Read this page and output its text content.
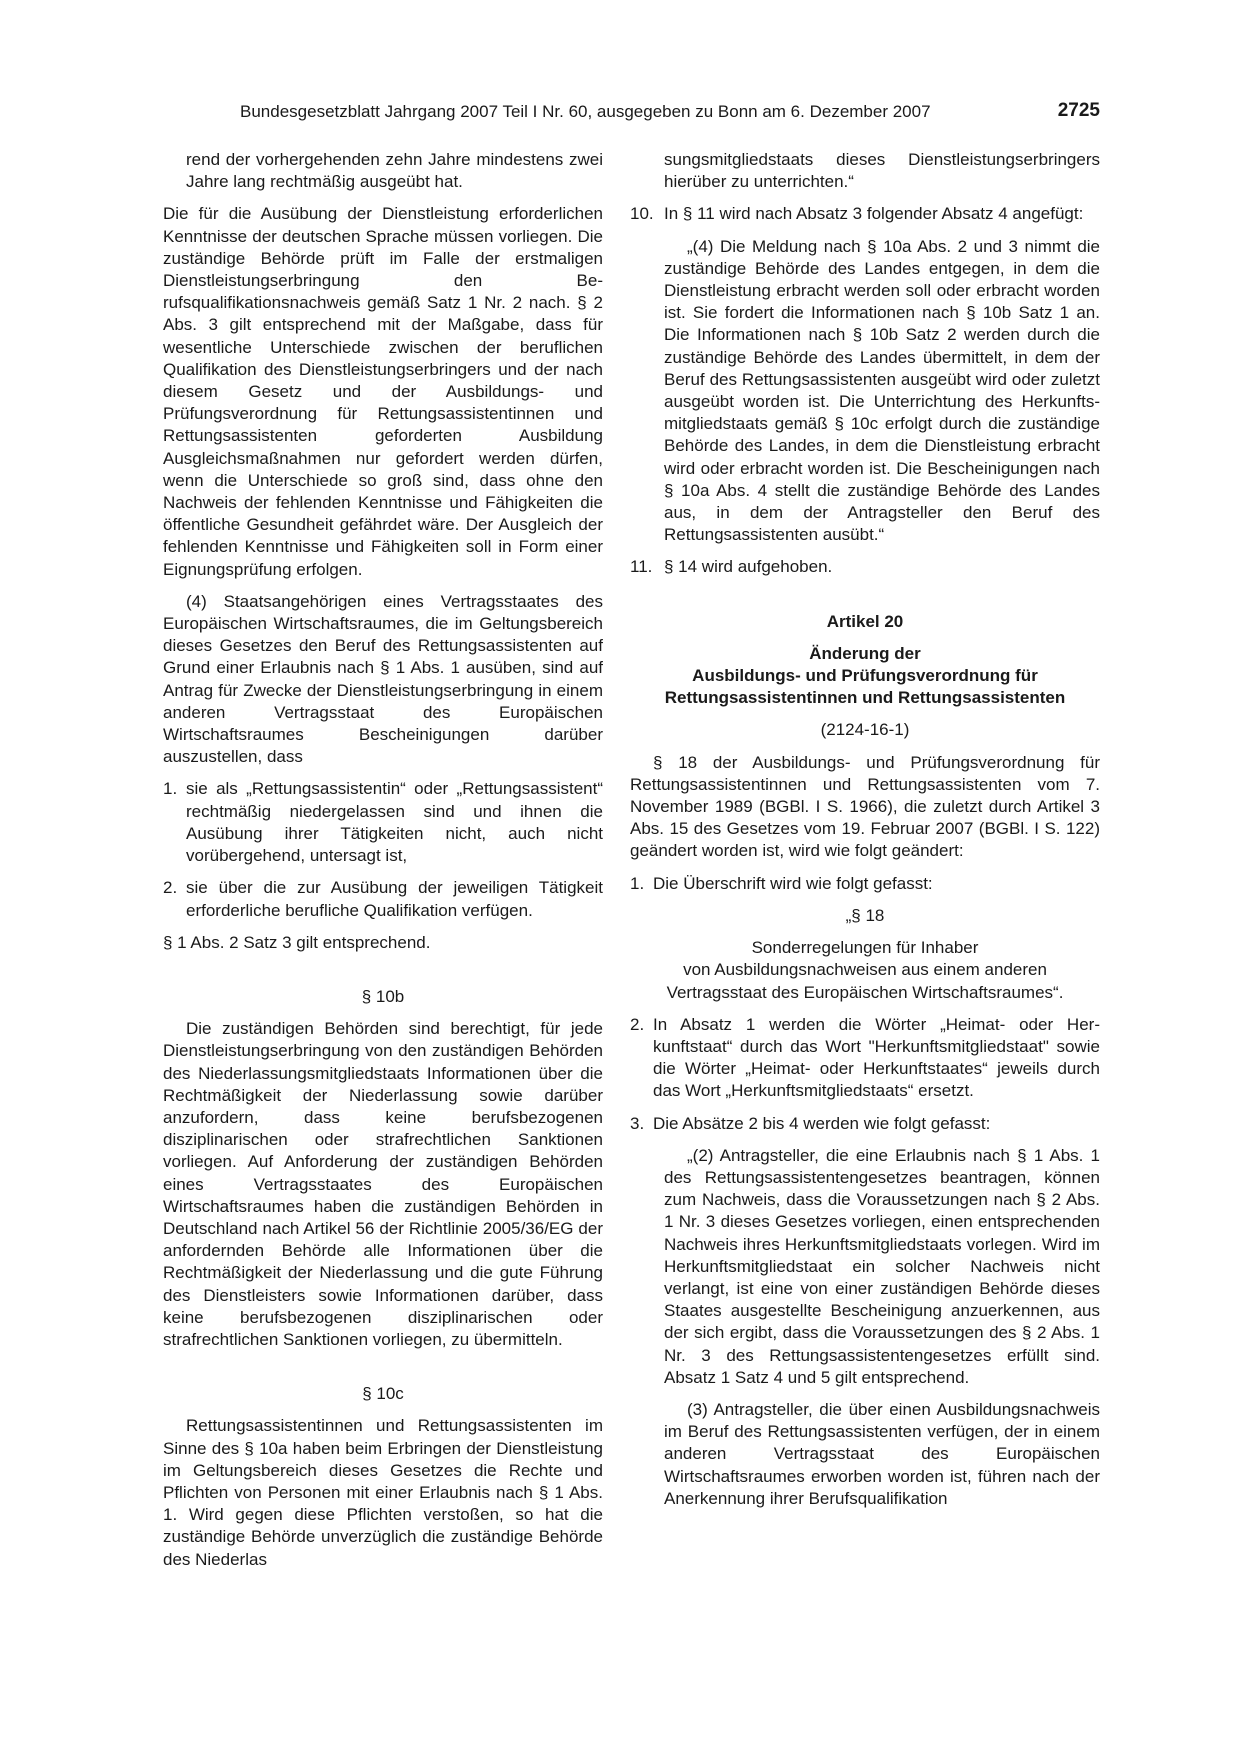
Bundesgesetzblatt Jahrgang 2007 Teil I Nr. 60, ausgegeben zu Bonn am 6. Dezember 2007	2725

rend der vorhergehenden zehn Jahre mindestens zwei Jahre lang rechtmäßig ausgeübt hat.

Die für die Ausübung der Dienstleistung erforderlichen Kenntnisse der deutschen Sprache müssen vorliegen. Die zuständige Behörde prüft im Falle der erstmaligen Dienstleistungserbringung den Berufsqualifikationsnachweis gemäß Satz 1 Nr. 2 nach. § 2 Abs. 3 gilt entsprechend mit der Maßgabe, dass für wesentliche Unterschiede zwischen der beruflichen Qualifikation des Dienstleistungserbringers und der nach diesem Gesetz und der Ausbildungs- und Prüfungsverordnung für Rettungsassistentinnen und Rettungsassistenten geforderten Ausbildung Ausgleichsmaßnahmen nur gefordert werden dürfen, wenn die Unterschiede so groß sind, dass ohne den Nachweis der fehlenden Kenntnisse und Fähigkeiten die öffentliche Gesundheit gefährdet wäre. Der Ausgleich der fehlenden Kenntnisse und Fähigkeiten soll in Form einer Eignungsprüfung erfolgen.

(4) Staatsangehörigen eines Vertragsstaates des Europäischen Wirtschaftsraumes, die im Geltungsbereich dieses Gesetzes den Beruf des Rettungsassistenten auf Grund einer Erlaubnis nach § 1 Abs. 1 ausüben, sind auf Antrag für Zwecke der Dienstleistungserbringung in einem anderen Vertragsstaat des Europäischen Wirtschaftsraumes Bescheinigungen darüber auszustellen, dass

1. sie als „Rettungsassistentin“ oder „Rettungsassistent“ rechtmäßig niedergelassen sind und ihnen die Ausübung ihrer Tätigkeiten nicht, auch nicht vorübergehend, untersagt ist,
2. sie über die zur Ausübung der jeweiligen Tätigkeit erforderliche berufliche Qualifikation verfügen.

§ 1 Abs. 2 Satz 3 gilt entsprechend.

§ 10b

Die zuständigen Behörden sind berechtigt, für jede Dienstleistungserbringung von den zuständigen Behörden des Niederlassungsmitgliedstaats Informationen über die Rechtmäßigkeit der Niederlassung sowie darüber anzufordern, dass keine berufsbezogenen disziplinarischen oder strafrechtlichen Sanktionen vorliegen. Auf Anforderung der zuständigen Behörden eines Vertragsstaates des Europäischen Wirtschaftsraumes haben die zuständigen Behörden in Deutschland nach Artikel 56 der Richtlinie 2005/36/EG der anfordernden Behörde alle Informationen über die Rechtmäßigkeit der Niederlassung und die gute Führung des Dienstleisters sowie Informationen darüber, dass keine berufsbezogenen disziplinarischen oder strafrechtlichen Sanktionen vorliegen, zu übermitteln.

§ 10c

Rettungsassistentinnen und Rettungsassistenten im Sinne des § 10a haben beim Erbringen der Dienstleistung im Geltungsbereich dieses Gesetzes die Rechte und Pflichten von Personen mit einer Erlaubnis nach § 1 Abs. 1. Wird gegen diese Pflichten verstoßen, so hat die zuständige Behörde unverzüglich die zuständige Behörde des Niederlas

sungsmitgliedstaats dieses Dienstleistungserbringers hierüber zu unterrichten.“

10. In § 11 wird nach Absatz 3 folgender Absatz 4 angefügt:

„(4) Die Meldung nach § 10a Abs. 2 und 3 nimmt die zuständige Behörde des Landes entgegen, in dem die Dienstleistung erbracht werden soll oder erbracht worden ist. Sie fordert die Informationen nach § 10b Satz 1 an. Die Informationen nach § 10b Satz 2 werden durch die zuständige Behörde des Landes übermittelt, in dem der Beruf des Rettungsassistenten ausgeübt wird oder zuletzt ausgeübt worden ist. Die Unterrichtung des Herkunftsmitgliedstaats gemäß § 10c erfolgt durch die zuständige Behörde des Landes, in dem die Dienstleistung erbracht wird oder erbracht worden ist. Die Bescheinigungen nach § 10a Abs. 4 stellt die zuständige Behörde des Landes aus, in dem der Antragsteller den Beruf des Rettungsassistenten ausübt.“

11. § 14 wird aufgehoben.

Artikel 20

Änderung der
Ausbildungs- und Prüfungsverordnung für
Rettungsassistentinnen und Rettungsassistenten

(2124-16-1)

§ 18 der Ausbildungs- und Prüfungsverordnung für Rettungsassistentinnen und Rettungsassistenten vom 7. November 1989 (BGBl. I S. 1966), die zuletzt durch Artikel 3 Abs. 15 des Gesetzes vom 19. Februar 2007 (BGBl. I S. 122) geändert worden ist, wird wie folgt geändert:

1. Die Überschrift wird wie folgt gefasst:

„§ 18

Sonderregelungen für Inhaber
von Ausbildungsnachweisen aus einem anderen
Vertragsstaat des Europäischen Wirtschaftsraumes“.
2. In Absatz 1 werden die Wörter „Heimat- oder Herkunftstaat“ durch das Wort "Herkunftsmitgliedstaat" sowie die Wörter „Heimat- oder Herkunftstaates“ jeweils durch das Wort „Herkunftsmitgliedstaats“ ersetzt.
3. Die Absätze 2 bis 4 werden wie folgt gefasst:

„(2) Antragsteller, die eine Erlaubnis nach § 1 Abs. 1 des Rettungsassistentengesetzes beantragen, können zum Nachweis, dass die Voraussetzungen nach § 2 Abs. 1 Nr. 3 dieses Gesetzes vorliegen, einen entsprechenden Nachweis ihres Herkunftsmitgliedstaats vorlegen. Wird im Herkunftsmitgliedstaat ein solcher Nachweis nicht verlangt, ist eine von einer zuständigen Behörde dieses Staates ausgestellte Bescheinigung anzuerkennen, aus der sich ergibt, dass die Voraussetzungen des § 2 Abs. 1 Nr. 3 des Rettungsassistentengesetzes erfüllt sind. Absatz 1 Satz 4 und 5 gilt entsprechend.

(3) Antragsteller, die über einen Ausbildungsnachweis im Beruf des Rettungsassistenten verfügen, der in einem anderen Vertragsstaat des Europäischen Wirtschaftsraumes erworben worden ist, führen nach der Anerkennung ihrer Berufsqualifikation
